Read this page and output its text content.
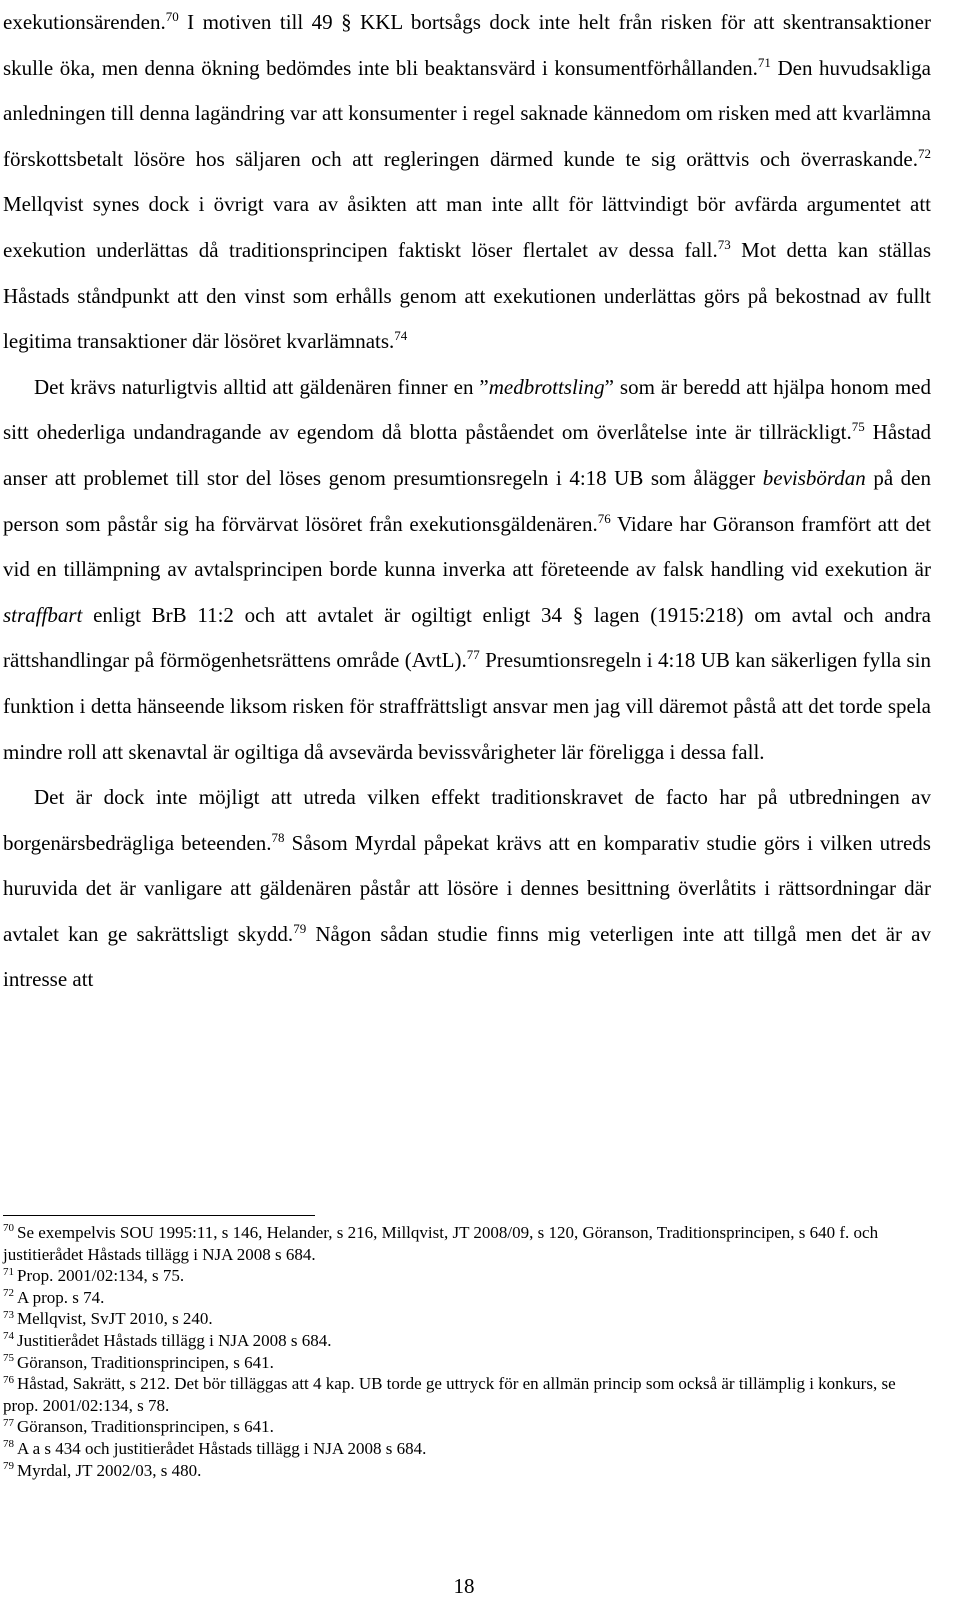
exekutionsärenden.$^{70}$ I motiven till 49 § KKL bortsågs dock inte helt från risken för att skentransaktioner skulle öka, men denna ökning bedömdes inte bli beaktansvärd i konsumentförhållanden.$^{71}$ Den huvudsakliga anledningen till denna lagändring var att konsumenter i regel saknade kännedom om risken med att kvarlämna förskottsbetalt lösöre hos säljaren och att regleringen därmed kunde te sig orättvis och överraskande.$^{72}$ Mellqvist synes dock i övrigt vara av åsikten att man inte allt för lättvindigt bör avfärda argumentet att exekution underlättas då traditionsprincipen faktiskt löser flertalet av dessa fall.$^{73}$ Mot detta kan ställas Håstads ståndpunkt att den vinst som erhålls genom att exekutionen underlättas görs på bekostnad av fullt legitima transaktioner där lösöret kvarlämnats.$^{74}$

Det krävs naturligtvis alltid att gäldenären finner en ”medbrottsling” som är beredd att hjälpa honom med sitt ohederliga undandragande av egendom då blotta påståendet om överlåtelse inte är tillräckligt.$^{75}$ Håstad anser att problemet till stor del löses genom presumtionsregeln i 4:18 UB som ålägger bevisbördan på den person som påstår sig ha förvärvat lösöret från exekutionsgäldenären.$^{76}$ Vidare har Göranson framfört att det vid en tillämpning av avtalsprincipen borde kunna inverka att företeende av falsk handling vid exekution är straffbart enligt BrB 11:2 och att avtalet är ogiltigt enligt 34 § lagen (1915:218) om avtal och andra rättshandlingar på förmögenhetsrättens område (AvtL).$^{77}$ Presumtionsregeln i 4:18 UB kan säkerligen fylla sin funktion i detta hänseende liksom risken för straffrättsligt ansvar men jag vill däremot påstå att det torde spela mindre roll att skenavtal är ogiltiga då avsevärda bevissvårigheter lär föreligga i dessa fall.

Det är dock inte möjligt att utreda vilken effekt traditionskravet de facto har på utbredningen av borgenärsbedrägliga beteenden.$^{78}$ Såsom Myrdal påpekat krävs att en komparativ studie görs i vilken utreds huruvida det är vanligare att gäldenären påstår att lösöre i dennes besittning överlåtits i rättsordningar där avtalet kan ge sakrättsligt skydd.$^{79}$ Någon sådan studie finns mig veterligen inte att tillgå men det är av intresse att

$^{70}$ Se exempelvis SOU 1995:11, s 146, Helander, s 216, Millqvist, JT 2008/09, s 120, Göranson, Traditionsprincipen, s 640 f. och justitierådet Håstads tillägg i NJA 2008 s 684.

$^{71}$ Prop. 2001/02:134, s 75.

$^{72}$ A prop. s 74.

$^{73}$ Mellqvist, SvJT 2010, s 240.

$^{74}$ Justitierådet Håstads tillägg i NJA 2008 s 684.

$^{75}$ Göranson, Traditionsprincipen, s 641.

$^{76}$ Håstad, Sakrätt, s 212. Det bör tilläggas att 4 kap. UB torde ge uttryck för en allmän princip som också är tillämplig i konkurs, se prop. 2001/02:134, s 78.

$^{77}$ Göranson, Traditionsprincipen, s 641.

$^{78}$ A a s 434 och justitierådet Håstads tillägg i NJA 2008 s 684.

$^{79}$ Myrdal, JT 2002/03, s 480.

18
